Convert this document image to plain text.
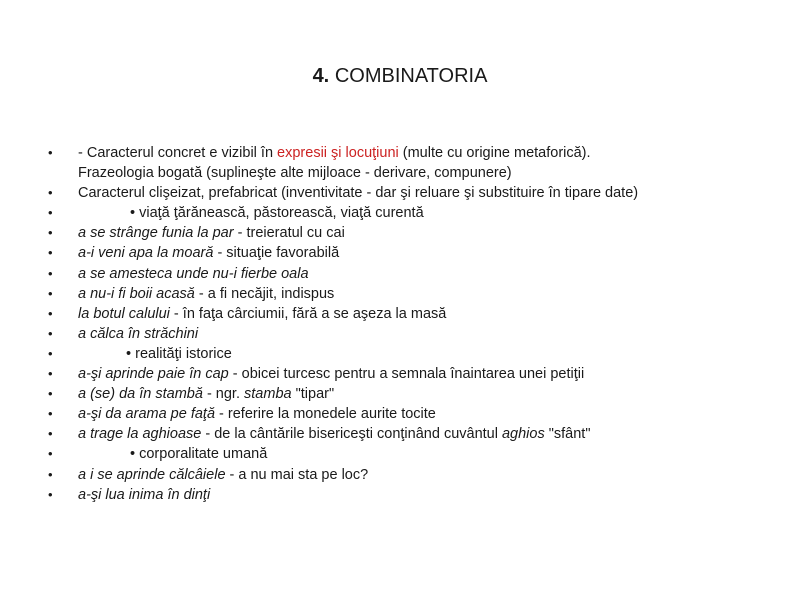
4. COMBINATORIA
• - Caracterul concret e vizibil în expresii şi locuţiuni (multe cu origine metaforică).
Frazeologia bogată (suplineşte alte mijloace - derivare, compunere)
• Caracterul clişeizat, prefabricat (inventivitate - dar şi reluare şi substituire în tipare date)
•	• viaţă ţărănească, păstorească, viaţă curentă
• a se strânge funia la par - treieratul cu cai
• a-i veni apa la moară - situaţie favorabilă
• a se amesteca unde nu-i fierbe oala
• a nu-i fi boii acasă - a fi necăjit, indispus
• la botul calului - în faţa cârciumii, fără a se aşeza la masă
• a călca în străchini
•	• realităţi istorice
• a-şi aprinde paie în cap - obicei turcesc pentru a semnala înaintarea unei petiţii
• a (se) da în stambă - ngr. stamba "tipar"
• a-şi da arama pe faţă - referire la monedele aurite tocite
• a trage la aghioase - de la cântările bisericeşti conţinând cuvântul aghios "sfânt"
•	• corporalitate umană
• a i se aprinde călcâiele - a nu mai sta pe loc?
• a-şi lua inima în dinţi
